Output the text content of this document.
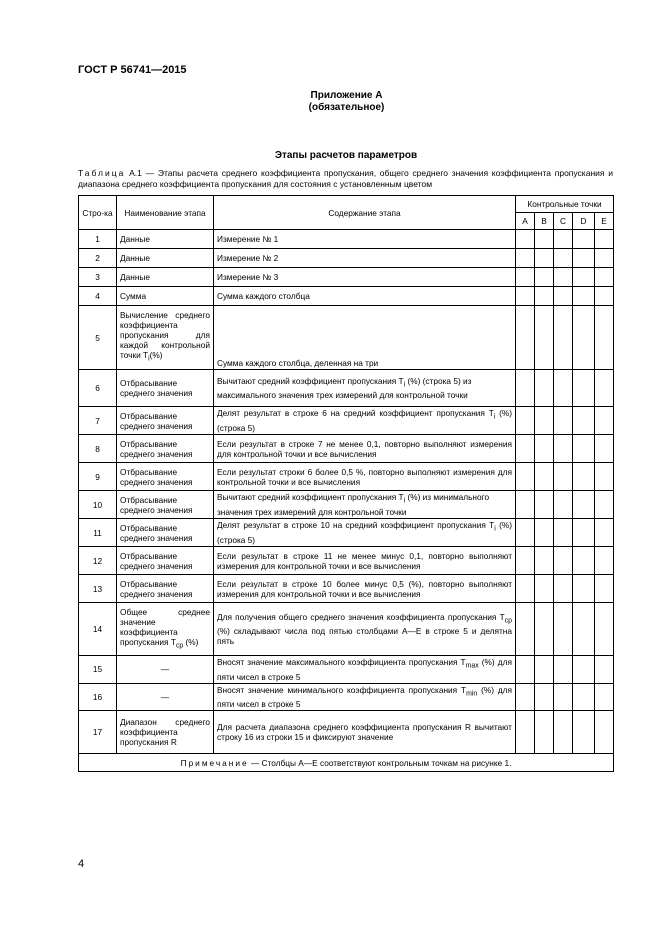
ГОСТ Р 56741—2015
Приложение А
(обязательное)
Этапы расчетов параметров
Таблица А.1 — Этапы расчета среднего коэффициента пропускания, общего среднего значения коэффициента пропускания и диапазона среднего коэффициента пропускания для состояния с установленным цветом
Стро-ка	Наименование этапа	Содержание этапа	Контрольные точки				
			A	B	C	D	E
1	Данные	Измерение № 1					
2	Данные	Измерение № 2					
3	Данные	Измерение № 3					
4	Сумма	Сумма каждого столбца					
5	Вычисление среднего коэффициента пропускания для каждой контрольной точки $T_i(\%)$	Сумма каждого столбца, деленная на три					
6	Отбрасывание среднего значения	Вычитают средний коэффициент пропускания $T_i$ (%) (строка 5) из максимального значения трех измерений для контрольной точки					
7	Отбрасывание среднего значения	Делят результат в строке 6 на средний коэффициент пропускания $T_i$ (%) (строка 5)					
8	Отбрасывание среднего значения	Если результат в строке 7 не менее 0,1, повторно выполняют измерения для контрольной точки и все вычисления					
9	Отбрасывание среднего значения	Если результат строки 6 более 0,5 %, повторно выполняют измерения для контрольной точки и все вычисления					
10	Отбрасывание среднего значения	Вычитают средний коэффициент пропускания $T_i$ (%) из минимального значения трех измерений для контрольной точки					
11	Отбрасывание среднего значения	Делят результат в строке 10 на средний коэффициент пропускания $T_i$ (%) (строка 5)					
12	Отбрасывание среднего значения	Если результат в строке 11 не менее минус 0,1, повторно выполняют измерения для контрольной точки и все вычисления					
13	Отбрасывание среднего значения	Если результат в строке 10 более минус 0,5 (%), повторно выполняют измерения для контрольной точки и все вычисления					
14	Общее среднее значение коэффициента пропускания $T_{ср}$ (%)	Для получения общего среднего значения коэффициента пропускания $T_{ср}$ (%) складывают числа под пятью столбцами A—E в строке 5 и делятна пять					
15	—	Вносят значение максимального коэффициента пропускания $T_{max}$ (%) для пяти чисел в строке 5					
16	—	Вносят значение минимального коэффициента пропускания $T_{min}$ (%) для пяти чисел в строке 5					
17	Диапазон среднего коэффициента пропускания R	Для расчета диапазона среднего коэффициента пропускания R вычитают строку 16 из строки 15 и фиксируют значение					
Примечание — Столбцы А—Е соответствуют контрольным точкам на рисунке 1.							
4
